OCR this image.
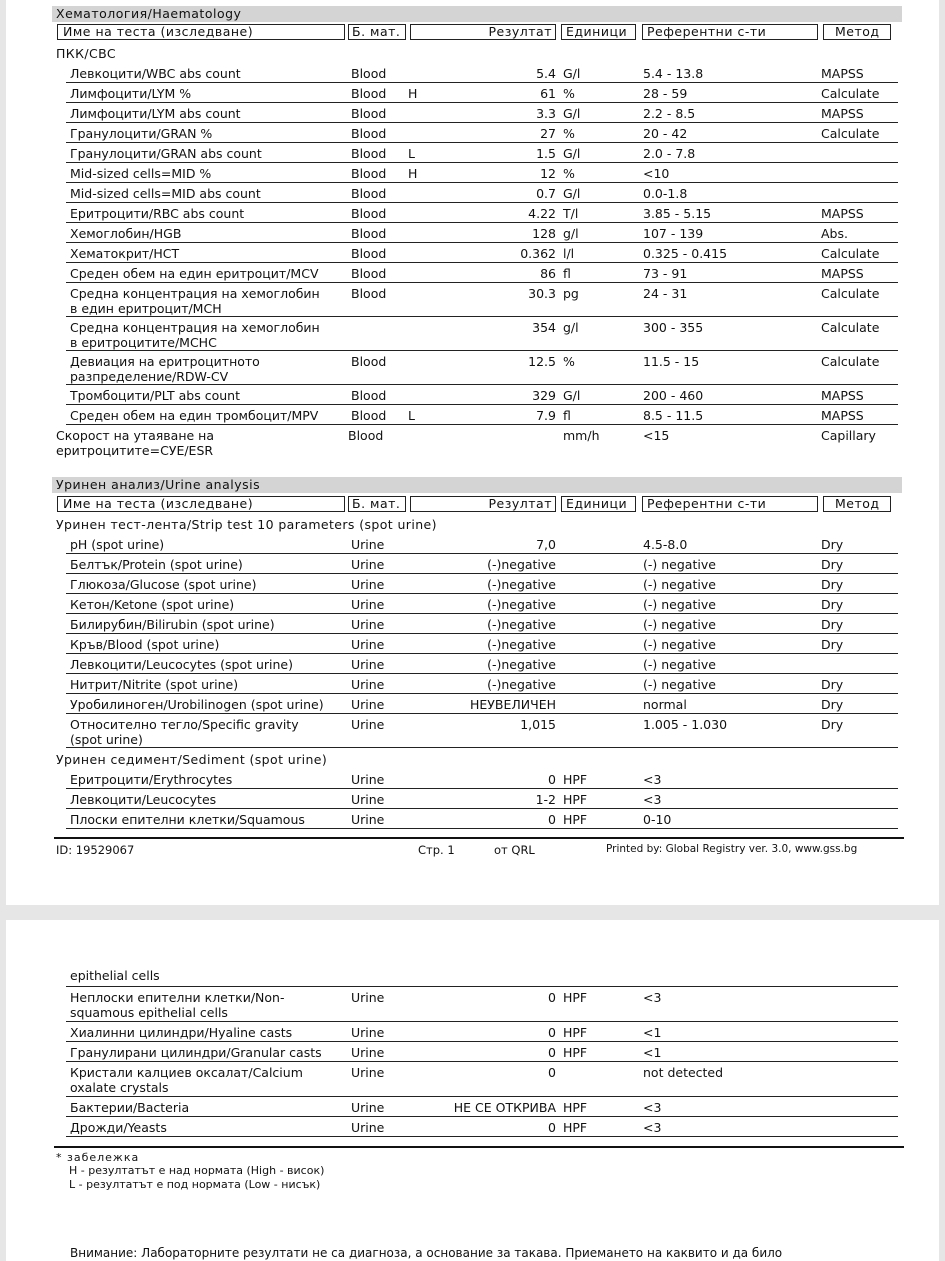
Хематология/Haematology
Име на теста (изследване)	Б. мат.	Резултат Единици Референтни с-ти	Метод
ПКК/CBC
Левкоцити/WBC abs count	Blood	5.4 G/l	5.4 - 13.8	MAPSS
Лимфоцити/LYM %	Blood H	61 %	28 - 59	Calculate
Лимфоцити/LYM abs count	Blood	3.3 G/l	2.2 - 8.5	MAPSS
Гранулоцити/GRAN %	Blood	27 %	20 - 42	Calculate
Гранулоцити/GRAN abs count	Blood L	1.5 G/l	2.0 - 7.8
Mid-sized cells=MID %	Blood H	12 %	<10
Mid-sized cells=MID abs count	Blood	0.7 G/l	0.0-1.8
Еритроцити/RBC abs count	Blood	4.22 T/l	3.85 - 5.15	MAPSS
Хемоглобин/HGB	Blood	128 g/l	107 - 139	Abs.
Хематокрит/HCT	Blood	0.362 l/l	0.325 - 0.415	Calculate
Среден обем на един еритроцит/MCV	Blood	86 fl	73 - 91	MAPSS
Средна концентрация на хемоглобин
в един еритроцит/MCH
Blood	30.3 pg	24 - 31	Calculate
Средна концентрация на хемоглобин
в еритроцитите/MCHC
354 g/l	300 - 355	Calculate
Девиация на еритроцитното
разпределение/RDW-CV
Blood	12.5 %	11.5 - 15	Calculate
Тромбоцити/PLT abs count	Blood	329 G/l	200 - 460	MAPSS
Среден обем на един тромбоцит/MPV	Blood L	7.9 fl	8.5 - 11.5	MAPSS
Скорост на утаяване на
еритроцитите=СУЕ/ESR
Blood	mm/h	<15	Capillary
Уринен анализ/Urine analysis
Име на теста (изследване)	Б. мат.	Резултат Единици Референтни с-ти	Метод
Уринен тест-лента/Strip test 10 parameters (spot urine)
pH (spot urine)	Urine	7,0	4.5-8.0	Dry
Белтък/Protein (spot urine)	Urine	(-)negative	(-) negative	Dry
Глюкоза/Glucose (spot urine)	Urine	(-)negative	(-) negative	Dry
Кетон/Ketone (spot urine)	Urine	(-)negative	(-) negative	Dry
Билирубин/Bilirubin (spot urine)	Urine	(-)negative	(-) negative	Dry
Кръв/Blood (spot urine)	Urine	(-)negative	(-) negative	Dry
Левкоцити/Leucocytes (spot urine)	Urine	(-)negative	(-) negative
Нитрит/Nitrite (spot urine)	Urine	(-)negative	(-) negative	Dry
Уробилиноген/Urobilinogen (spot urine) Urine	НЕУВЕЛИЧЕН	normal	Dry
Относително тегло/Specific gravity
(spot urine)
Urine	1,015	1.005 - 1.030	Dry
Уринен седимент/Sediment (spot urine)
Еритроцити/Erythrocytes	Urine	0 HPF	<3
Левкоцити/Leucocytes	Urine	1-2 HPF	<3
Плоски епителни клетки/Squamous	Urine	0 HPF	0-10
ID: 19529067	Стр. 1	от QRL	Printed by: Global Registry ver. 3.0, www.gss.bg
epithelial cells
Неплоски епителни клетки/Non-
squamous epithelial cells
Urine	0 HPF	<3
Хиалинни цилиндри/Hyaline casts	Urine	0 HPF	<1
Гранулирани цилиндри/Granular casts Urine	0 HPF	<1
Кристали калциев оксалат/Calcium
oxalate crystals
Urine	0	not detected
Бактерии/Bacteria	Urine	НЕ СЕ ОТКРИВА HPF	<3
Дрожди/Yeasts	Urine	0 HPF	<3
* забележка
H - резултатът е над нормата (High - висок)
L - резултатът е под нормата (Low - нисък)
Внимание: Лабораторните резултати не са диагноза, а основание за такава. Приемането на каквито и да било
